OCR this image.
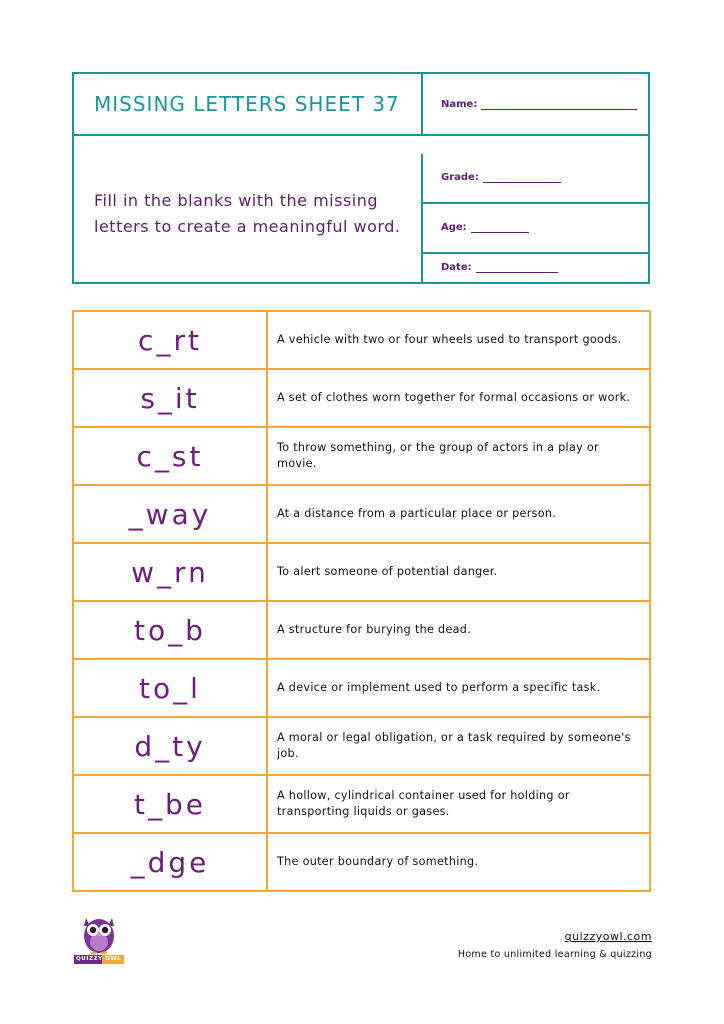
MISSING LETTERS SHEET 37	Name:
Fill in the blanks with the missing letters to create a meaningful word.
Grade:
Age:
Date:
c_rt	A vehicle with two or four wheels used to transport goods.
s_it	A set of clothes worn together for formal occasions or work.
c_st	To throw something, or the group of actors in a play or movie.
_way	At a distance from a particular place or person.
w_rn	To alert someone of potential danger.
to_b	A structure for burying the dead.
to_l	A device or implement used to perform a specific task.
d_ty	A moral or legal obligation, or a task required by someone's job.
t_be	A hollow, cylindrical container used for holding or transporting liquids or gases.
_dge	The outer boundary of something.
QUIZZY OWL
quizzyowl.com
Home to unlimited learning & quizzing
